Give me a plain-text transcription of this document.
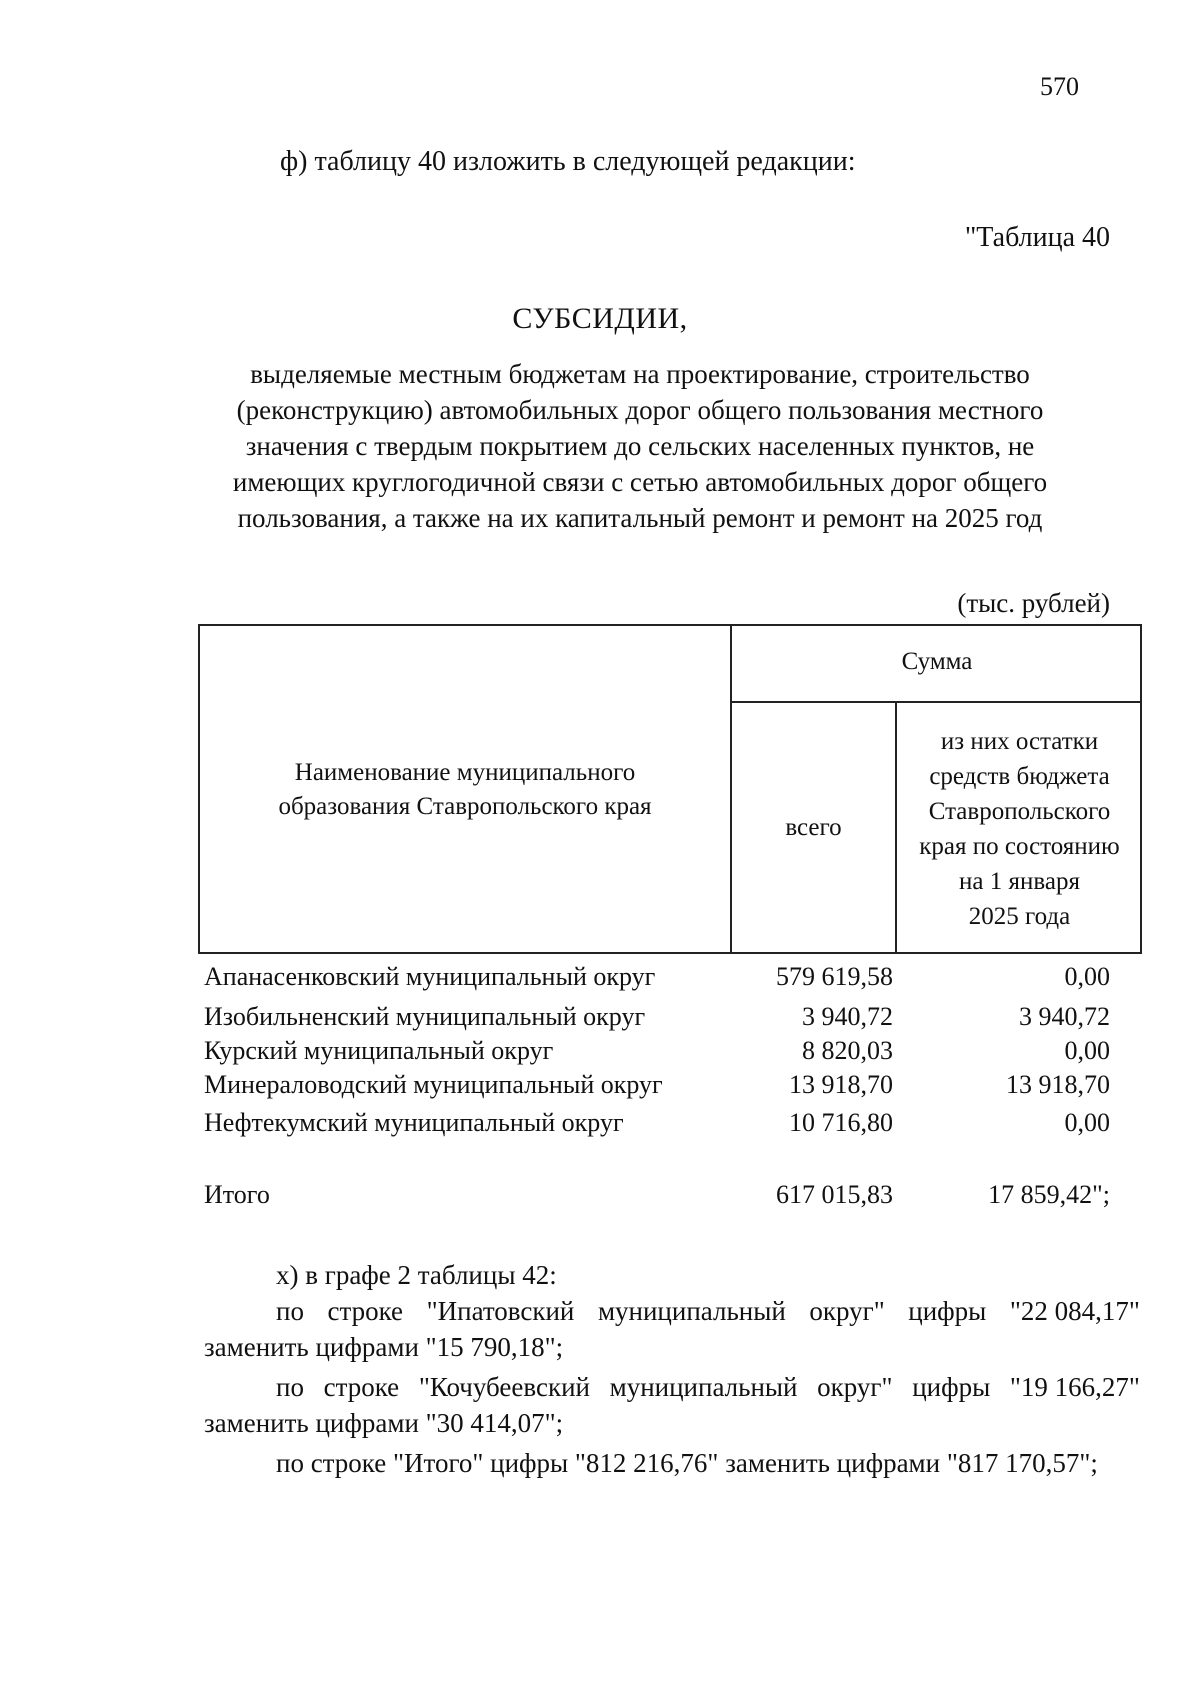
570
ф) таблицу 40 изложить в следующей редакции:
"Таблица 40
СУБСИДИИ,
выделяемые местным бюджетам на проектирование, строительство
(реконструкцию) автомобильных дорог общего пользования местного
значения с твердым покрытием до сельских населенных пунктов, не
имеющих круглогодичной связи с сетью автомобильных дорог общего
пользования, а также на их капитальный ремонт и ремонт на 2025 год
(тыс. рублей)
Наименование муниципального
образования Ставропольского края
Сумма
всего
из них остатки
средств бюджета
Ставропольского
края по состоянию
на 1 января
2025 года
Апанасенковский муниципальный округ	579 619,58	0,00
Изобильненский муниципальный округ	3 940,72	3 940,72
Курский муниципальный округ	8 820,03	0,00
Минераловодский муниципальный округ	13 918,70	13 918,70
Нефтекумский муниципальный округ	10 716,80	0,00
Итого	617 015,83	17 859,42";
х) в графе 2 таблицы 42:
по строке "Ипатовский муниципальный округ" цифры "22 084,17"
заменить цифрами "15 790,18";
по строке "Кочубеевский муниципальный округ" цифры "19 166,27"
заменить цифрами "30 414,07";
по строке "Итого" цифры "812 216,76" заменить цифрами "817 170,57";
